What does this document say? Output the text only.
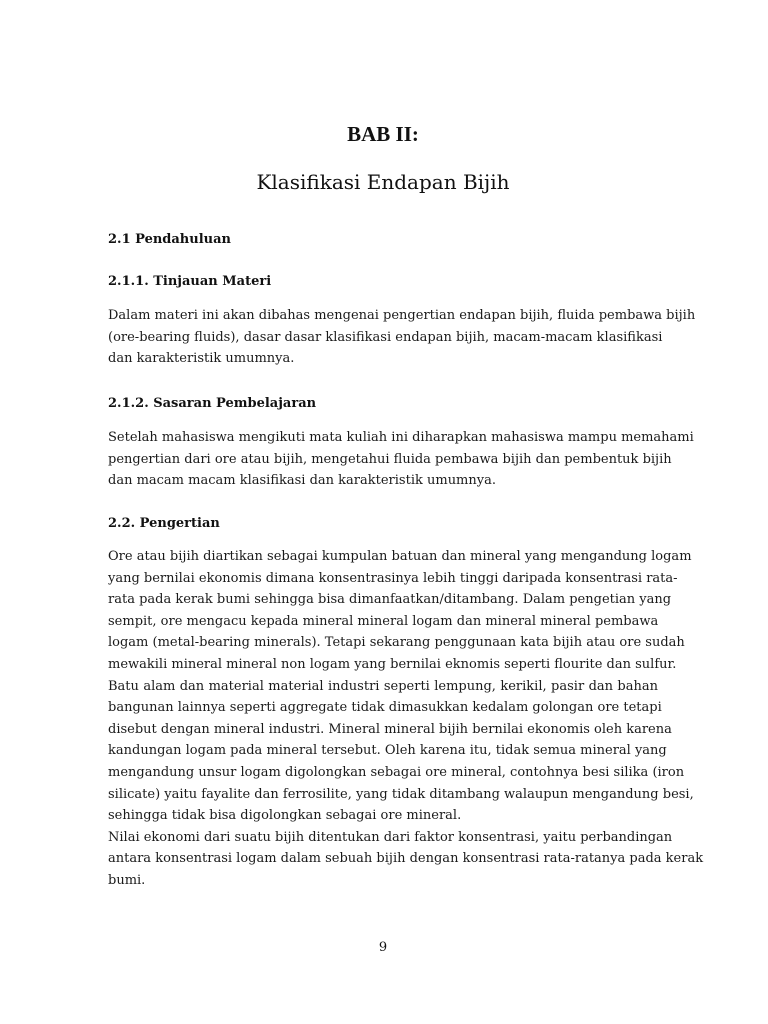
BAB II:
Klasifikasi Endapan Bijih
2.1 Pendahuluan
2.1.1. Tinjauan Materi
Dalam materi ini akan dibahas mengenai pengertian endapan bijih, fluida pembawa bijih
(ore-bearing fluids), dasar dasar klasifikasi endapan bijih, macam-macam klasifikasi
dan karakteristik umumnya.
2.1.2. Sasaran Pembelajaran
Setelah mahasiswa mengikuti mata kuliah ini diharapkan mahasiswa mampu memahami
pengertian dari ore atau bijih, mengetahui fluida pembawa bijih dan pembentuk bijih
dan macam macam klasifikasi dan karakteristik umumnya.
2.2. Pengertian
Ore atau bijih diartikan sebagai kumpulan batuan dan mineral yang mengandung logam
yang bernilai ekonomis dimana konsentrasinya lebih tinggi daripada konsentrasi rata-
rata pada kerak bumi sehingga bisa dimanfaatkan/ditambang. Dalam pengetian yang
sempit, ore mengacu kepada mineral mineral logam dan mineral mineral pembawa
logam (metal-bearing minerals). Tetapi sekarang penggunaan kata bijih atau ore sudah
mewakili mineral mineral non logam yang bernilai eknomis seperti flourite dan sulfur.
Batu alam dan material material industri seperti lempung, kerikil, pasir dan bahan
bangunan lainnya seperti aggregate tidak dimasukkan kedalam golongan ore tetapi
disebut dengan mineral industri. Mineral mineral bijih bernilai ekonomis oleh karena
kandungan logam pada mineral tersebut. Oleh karena itu, tidak semua mineral yang
mengandung unsur logam digolongkan sebagai ore mineral, contohnya besi silika (iron
silicate) yaitu fayalite dan ferrosilite, yang tidak ditambang walaupun mengandung besi,
sehingga tidak bisa digolongkan sebagai ore mineral.
Nilai ekonomi dari suatu bijih ditentukan dari faktor konsentrasi, yaitu perbandingan
antara konsentrasi logam dalam sebuah bijih dengan konsentrasi rata-ratanya pada kerak
bumi.
9
